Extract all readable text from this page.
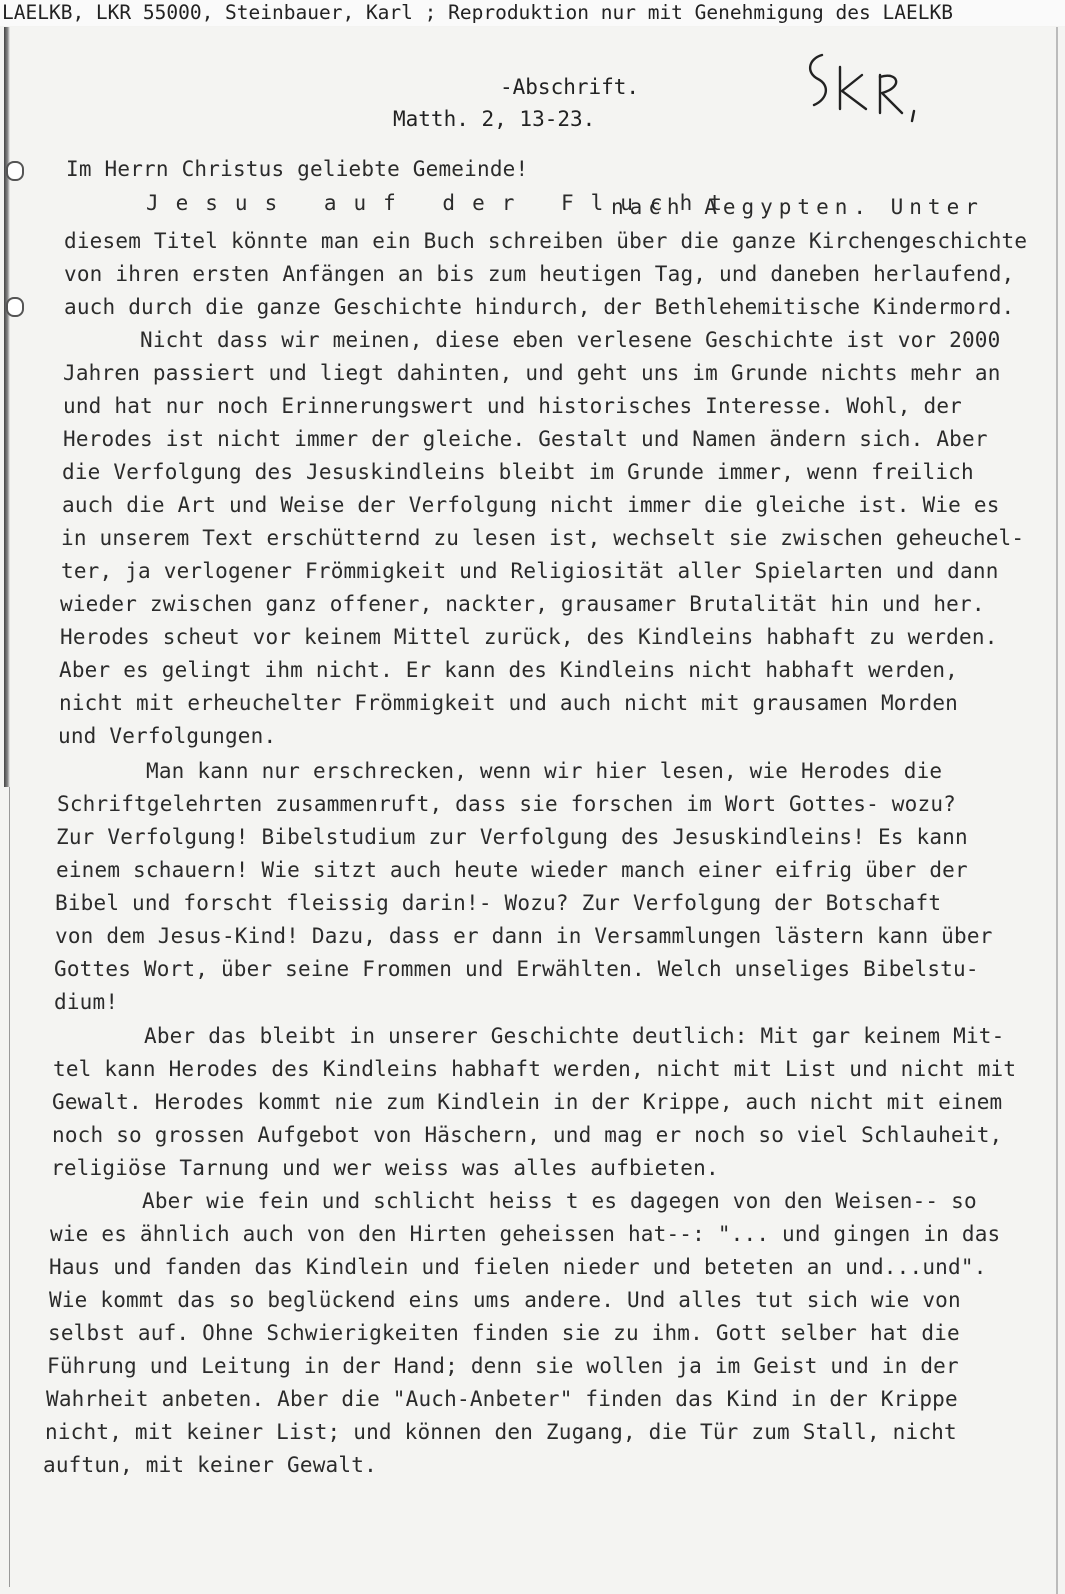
LAELKB, LKR 55000, Steinbauer, Karl ; Reproduktion nur mit Genehmigung des LAELKB
-Abschrift.
Matth. 2, 13-23.
Im Herrn Christus geliebte Gemeinde!
Jesus auf der Flucht
nach Aegypten. Unter
diesem Titel könnte man ein Buch schreiben über die ganze Kirchengeschichte
von ihren ersten Anfängen an bis zum heutigen Tag, und daneben herlaufend,
auch durch die ganze Geschichte hindurch, der Bethlehemitische Kindermord.
Nicht dass wir meinen, diese eben verlesene Geschichte ist vor 2000
Jahren passiert und liegt dahinten, und geht uns im Grunde nichts mehr an
und hat nur noch Erinnerungswert und historisches Interesse. Wohl, der
Herodes ist nicht immer der gleiche. Gestalt und Namen ändern sich. Aber
die Verfolgung des Jesuskindleins bleibt im Grunde immer, wenn freilich
auch die Art und Weise der Verfolgung nicht immer die gleiche ist. Wie es
in unserem Text erschütternd zu lesen ist, wechselt sie zwischen geheuchel-
ter, ja verlogener Frömmigkeit und Religiosität aller Spielarten und dann
wieder zwischen ganz offener, nackter, grausamer Brutalität hin und her.
Herodes scheut vor keinem Mittel zurück, des Kindleins habhaft zu werden.
Aber es gelingt ihm nicht. Er kann des Kindleins nicht habhaft werden,
nicht mit erheuchelter Frömmigkeit und auch nicht mit grausamen Morden
und Verfolgungen.
Man kann nur erschrecken, wenn wir hier lesen, wie Herodes die
Schriftgelehrten zusammenruft, dass sie forschen im Wort Gottes- wozu?
Zur Verfolgung! Bibelstudium zur Verfolgung des Jesuskindleins! Es kann
einem schauern! Wie sitzt auch heute wieder manch einer eifrig über der
Bibel und forscht fleissig darin!- Wozu? Zur Verfolgung der Botschaft
von dem Jesus-Kind! Dazu, dass er dann in Versammlungen lästern kann über
Gottes Wort, über seine Frommen und Erwählten. Welch unseliges Bibelstu-
dium!
Aber das bleibt in unserer Geschichte deutlich: Mit gar keinem Mit-
tel kann Herodes des Kindleins habhaft werden, nicht mit List und nicht mit
Gewalt. Herodes kommt nie zum Kindlein in der Krippe, auch nicht mit einem
noch so grossen Aufgebot von Häschern, und mag er noch so viel Schlauheit,
religiöse Tarnung und wer weiss was alles aufbieten.
Aber wie fein und schlicht heiss t es dagegen von den Weisen-- so
wie es ähnlich auch von den Hirten geheissen hat--: "... und gingen in das
Haus und fanden das Kindlein und fielen nieder und beteten an und...und".
Wie kommt das so beglückend eins ums andere. Und alles tut sich wie von
selbst auf. Ohne Schwierigkeiten finden sie zu ihm. Gott selber hat die
Führung und Leitung in der Hand; denn sie wollen ja im Geist und in der
Wahrheit anbeten. Aber die "Auch-Anbeter" finden das Kind in der Krippe
nicht, mit keiner List; und können den Zugang, die Tür zum Stall, nicht
auftun, mit keiner Gewalt.
